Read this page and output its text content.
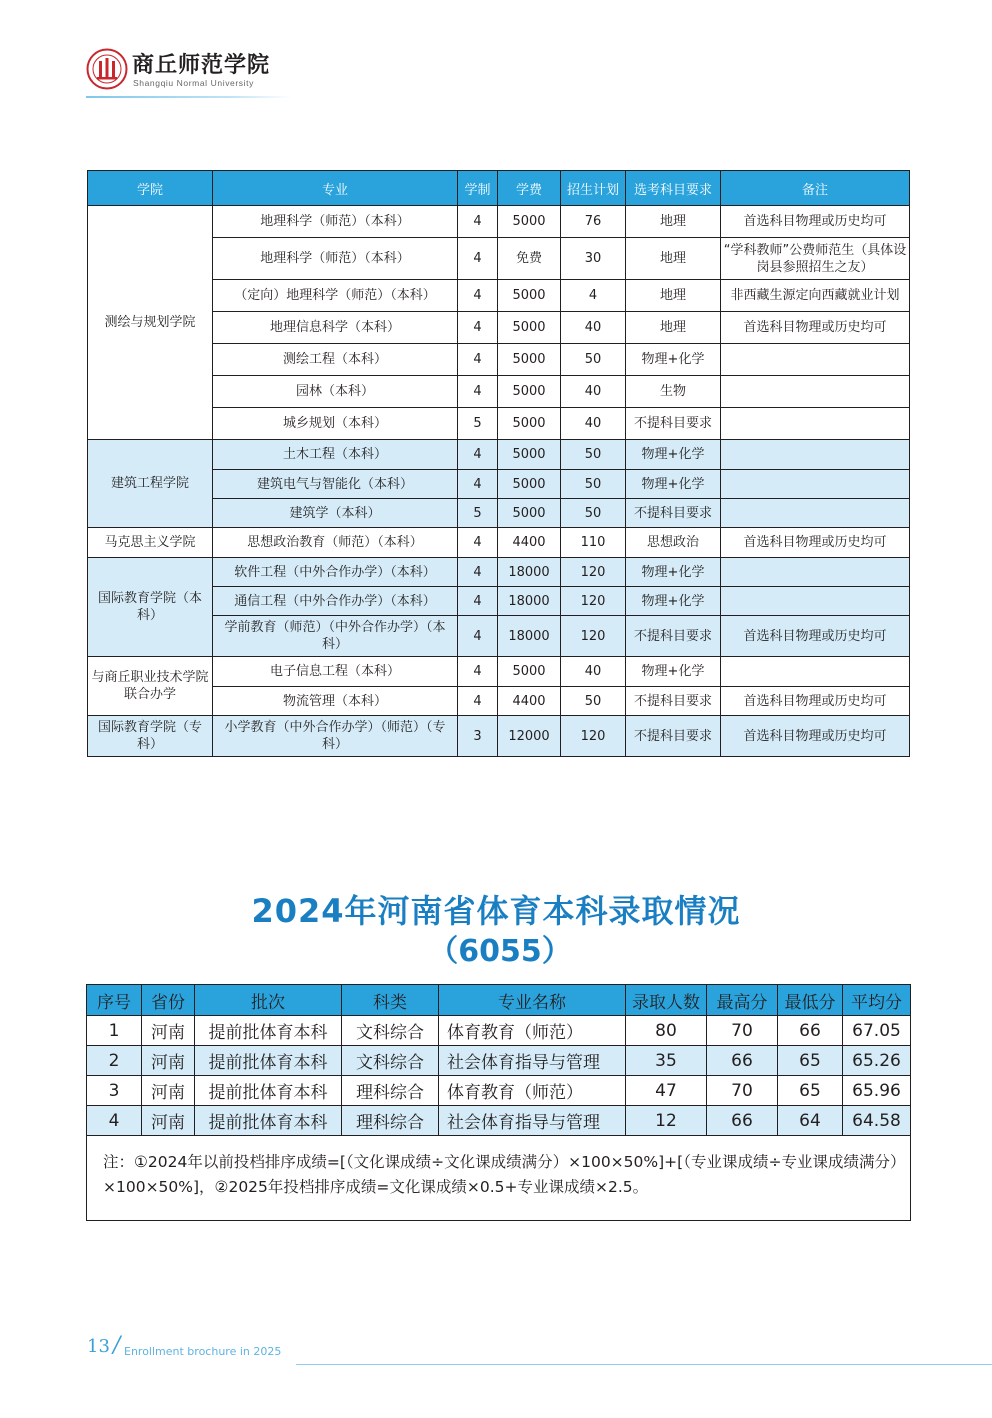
商丘师范学院
Shangqiu Normal University
学院	专业	学制	学费	招生计划	选考科目要求	备注
测绘与规划学院	地理科学（师范）（本科）	4	5000	76	地理	首选科目物理或历史均可
	地理科学（师范）（本科）	4	免费	30	地理	“学科教师”公费师范生（具体设岗县参照招生之友）
	（定向）地理科学（师范）（本科）	4	5000	4	地理	非西藏生源定向西藏就业计划
	地理信息科学（本科）	4	5000	40	地理	首选科目物理或历史均可
	测绘工程（本科）	4	5000	50	物理+化学	
	园林（本科）	4	5000	40	生物	
	城乡规划（本科）	5	5000	40	不提科目要求	
建筑工程学院	土木工程（本科）	4	5000	50	物理+化学	
	建筑电气与智能化（本科）	4	5000	50	物理+化学	
	建筑学（本科）	5	5000	50	不提科目要求	
马克思主义学院	思想政治教育（师范）（本科）	4	4400	110	思想政治	首选科目物理或历史均可
国际教育学院（本科）	软件工程（中外合作办学）（本科）	4	18000	120	物理+化学	
	通信工程（中外合作办学）（本科）	4	18000	120	物理+化学	
	学前教育（师范）（中外合作办学）（本科）	4	18000	120	不提科目要求	首选科目物理或历史均可
与商丘职业技术学院联合办学	电子信息工程（本科）	4	5000	40	物理+化学	
	物流管理（本科）	4	4400	50	不提科目要求	首选科目物理或历史均可
国际教育学院（专科）	小学教育（中外合作办学）（师范）（专科）	3	12000	120	不提科目要求	首选科目物理或历史均可
2024年河南省体育本科录取情况
（6055）
序号	省份	批次	科类	专业名称	录取人数	最高分	最低分	平均分
1	河南	提前批体育本科	文科综合	体育教育（师范）	80	70	66	67.05
2	河南	提前批体育本科	文科综合	社会体育指导与管理	35	66	65	65.26
3	河南	提前批体育本科	理科综合	体育教育（师范）	47	70	65	65.96
4	河南	提前批体育本科	理科综合	社会体育指导与管理	12	66	64	64.58
注：①2024年以前投档排序成绩=[（文化课成绩÷文化课成绩满分）×100×50%]+[（专业课成绩÷专业课成绩满分）×100×50%]，②2025年投档排序成绩=文化课成绩×0.5+专业课成绩×2.5。								
13 / Enrollment brochure in 2025
